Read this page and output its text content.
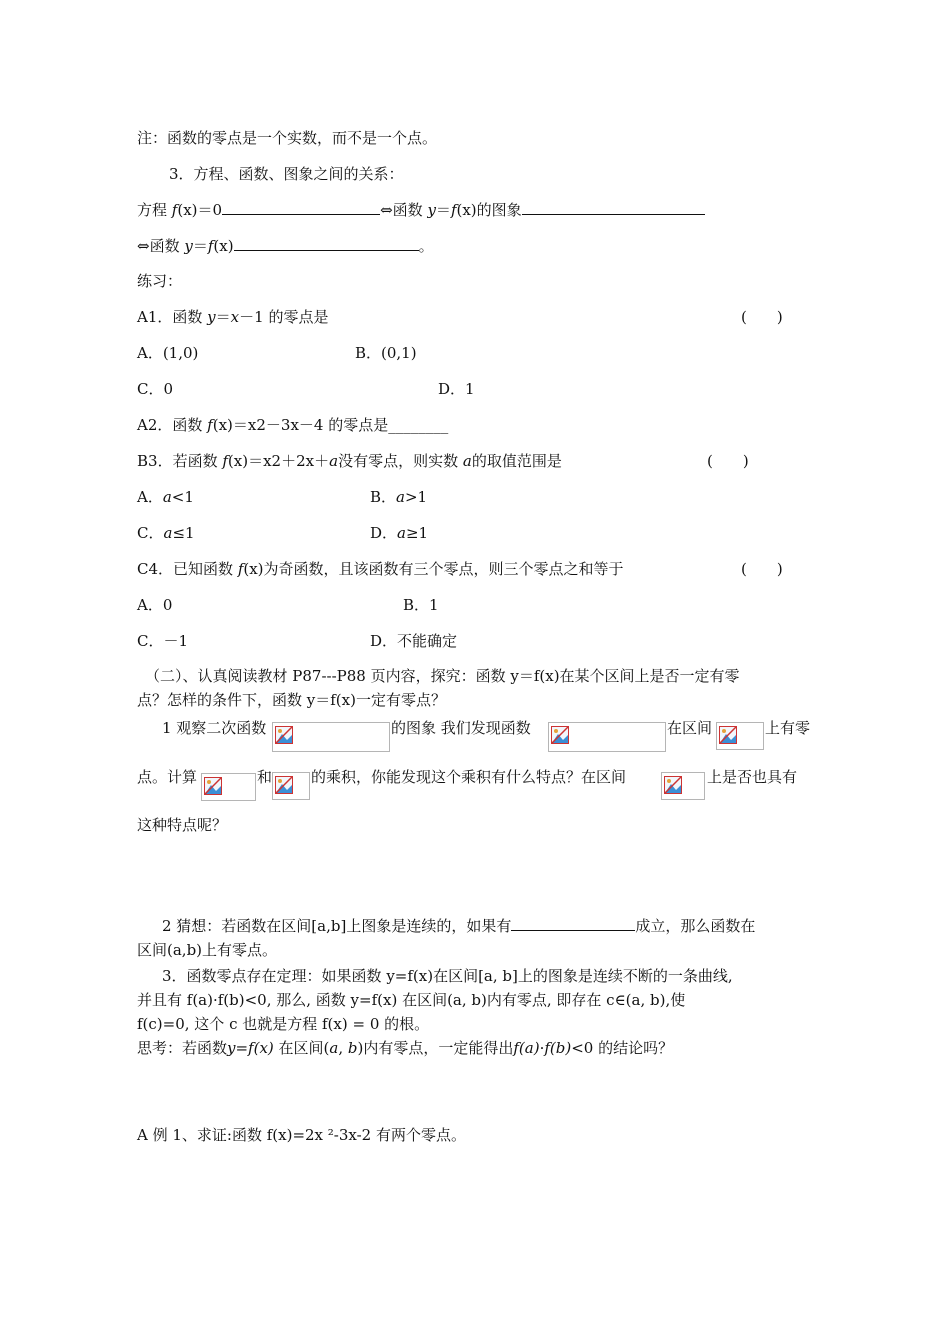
注：函数的零点是一个实数，而不是一个点。
3．方程、函数、图象之间的关系：
方程 f(x)＝0	⇔函数 y＝f(x)的图象
⇔函数 y＝f(x)	。
练习：
A1．函数 y＝x－1 的零点是	(　　)
A．(1,0)	B．(0,1)
C．0	D．1
A2．函数 f(x)＝x2－3x－4 的零点是________
B3．若函数 f(x)＝x2＋2x＋a没有零点，则实数 a的取值范围是	(　　)
A．a<1	B．a>1
C．a≤1	D．a≥1
C4．已知函数 f(x)为奇函数，且该函数有三个零点，则三个零点之和等于	(　　)
A．0	B．1
C．－1	D．不能确定
（二）、认真阅读教材 P87---P88 页内容，探究：函数 y＝f(x)在某个区间上是否一定有零
点？怎样的条件下，函数 y＝f(x)一定有零点？
1 观察二次函数	的图象 我们发现函数	在区间	上有零
点。计算	和	的乘积，你能发现这个乘积有什么特点？在区间	上是否也具有
这种特点呢？
2 猜想：若函数在区间[a,b]上图象是连续的，如果有	成立，那么函数在
区间(a,b)上有零点。
3．函数零点存在定理：如果函数 y=f(x)在区间[a, b]上的图象是连续不断的一条曲线,
并且有 f(a)·f(b)<0, 那么, 函数 y=f(x) 在区间(a, b)内有零点, 即存在 c∈(a, b),使
f(c)=0, 这个 c 也就是方程 f(x) = 0 的根。
思考：若函数y=f(x) 在区间(a, b)内有零点，一定能得出f(a)·f(b)<0 的结论吗？
A 例 1、求证:函数 f(x)=2x ²-3x-2 有两个零点。
